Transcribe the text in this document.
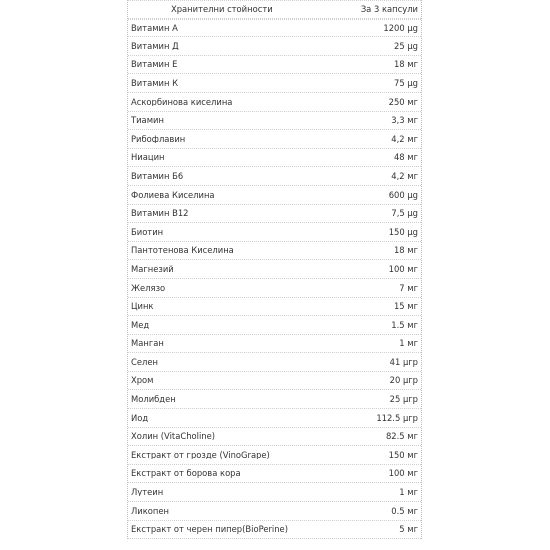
Хранителни стойности	За 3 капсули
Витамин А	1200 μg
Витамин Д	25 μg
Витамин Е	18 мг
Витамин К	75 μg
Аскорбинова киселина	250 мг
Тиамин	3,3 мг
Рибофлавин	4,2 мг
Ниацин	48 мг
Витамин Б6	4,2 мг
Фолиева Киселина	600 μg
Витамин B12	7,5 μg
Биотин	150 μg
Пантотенова Киселина	18 мг
Магнезий	100 мг
Желязо	7 мг
Цинк	15 мг
Мед	1.5 мг
Манган	1 мг
Селен	41 μгр
Хром	20 μгр
Молибден	25 μгр
Йод	112.5 μгр
Холин (VitaCholine)	82.5 мг
Екстракт от грозде (VinoGrape)	150 мг
Екстракт от борова кора	100 мг
Лутеин	1 мг
Ликопен	0.5 мг
Екстракт от черен пипер(BioPerine)	5 мг
